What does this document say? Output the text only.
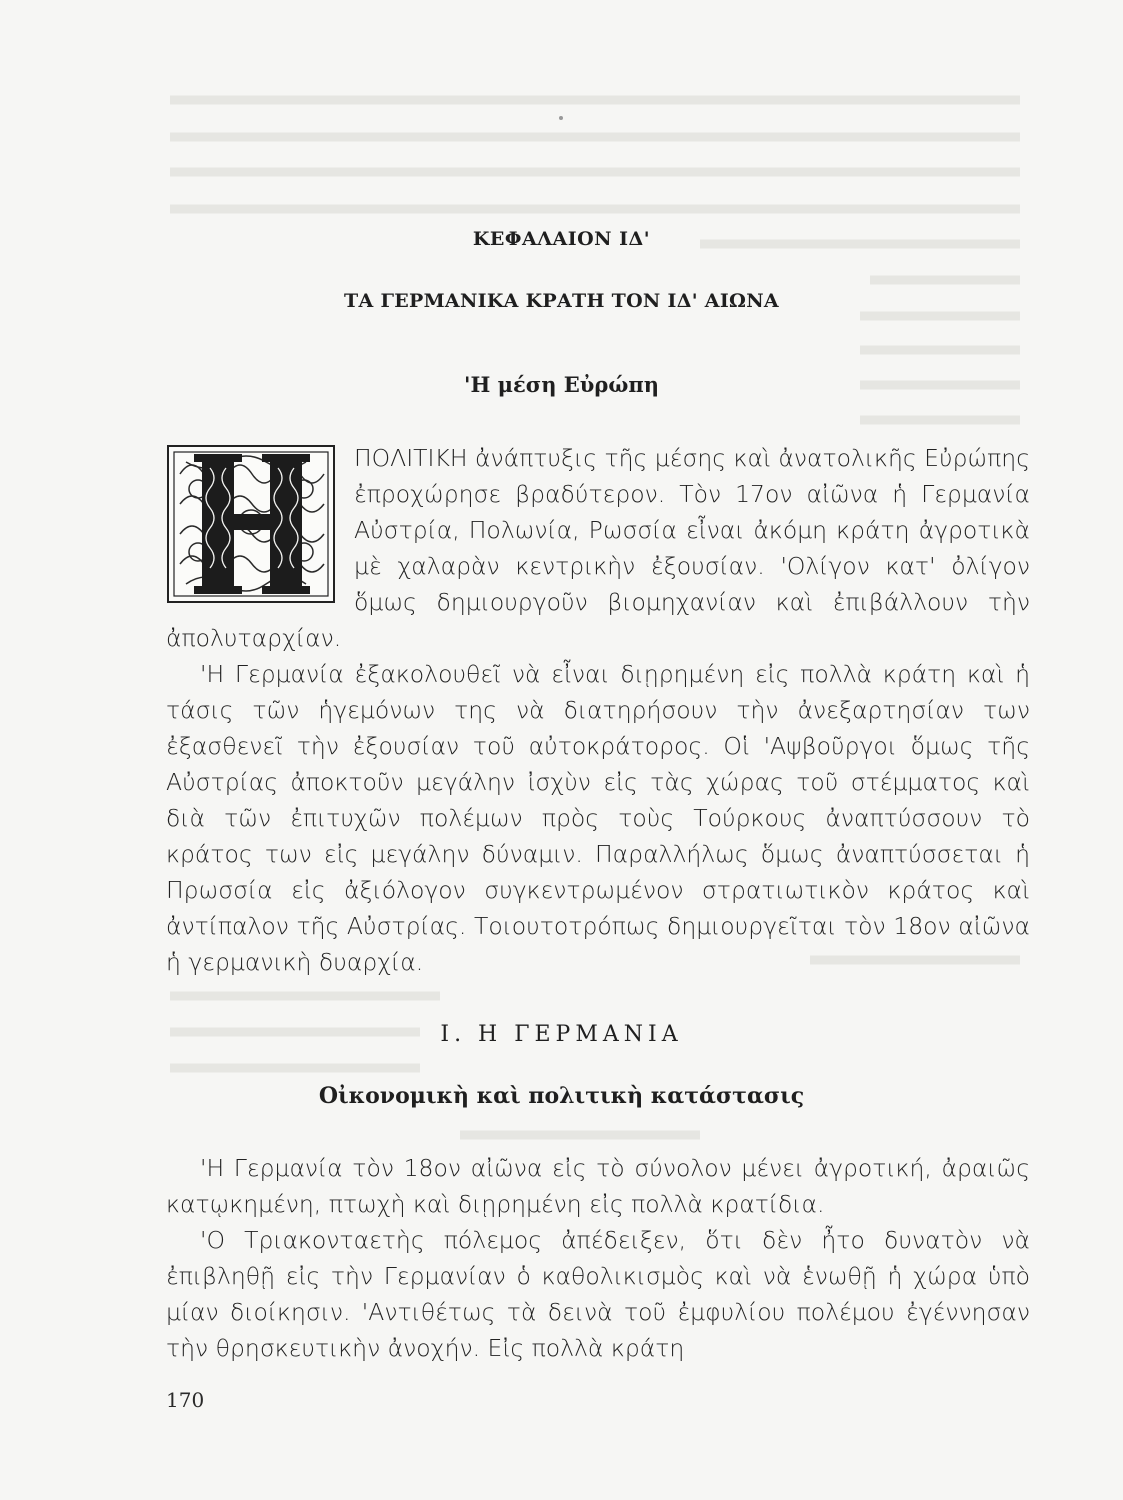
ΚΕΦΑΛΑΙΟΝ ΙΔ'
ΤΑ ΓΕΡΜΑΝΙΚΑ ΚΡΑΤΗ ΤΟΝ ΙΔ' ΑΙΩΝΑ
'Η μέση Εὐρώπη

ΠΟΛΙΤΙΚΗ ἀνάπτυξις τῆς μέσης καὶ ἀνατολικῆς Εὐρώπης ἐπροχώρησε βραδύτερον. Τὸν 17ον αἰῶνα ἡ Γερμανία Αὐστρία, Πολωνία, Ρωσσία εἶναι ἀκόμη κράτη ἀγροτικὰ μὲ χαλαρὰν κεντρικὴν ἐξουσίαν. 'Ολίγον κατ' ὀλίγον ὅμως δημιουργοῦν βιομηχανίαν καὶ ἐπιβάλλουν τὴν ἀπολυταρχίαν.

'Η Γερμανία ἐξακολουθεῖ νὰ εἶναι διῃρημένη εἰς πολλὰ κράτη καὶ ἡ τάσις τῶν ἡγεμόνων της νὰ διατηρήσουν τὴν ἀνεξαρτησίαν των ἐξασθενεῖ τὴν ἐξουσίαν τοῦ αὐτοκράτορος. Οἱ 'Αψβοῦργοι ὅμως τῆς Αὐστρίας ἀποκτοῦν μεγάλην ἰσχὺν εἰς τὰς χώρας τοῦ στέμματος καὶ διὰ τῶν ἐπιτυχῶν πολέμων πρὸς τοὺς Τούρκους ἀναπτύσσουν τὸ κράτος των εἰς μεγάλην δύναμιν. Παραλλήλως ὅμως ἀναπτύσσεται ἡ Πρωσσία εἰς ἀξιόλογον συγκεντρωμένον στρατιωτικὸν κράτος καὶ ἀντίπαλον τῆς Αὐστρίας. Τοιουτοτρόπως δημιουργεῖται τὸν 18ον αἰῶνα ἡ γερμανικὴ δυαρχία.

Ι. Η ΓΕΡΜΑΝΙΑ
Οἰκονομικὴ καὶ πολιτικὴ κατάστασις

'Η Γερμανία τὸν 18ον αἰῶνα εἰς τὸ σύνολον μένει ἀγροτική, ἀραιῶς κατῳκημένη, πτωχὴ καὶ διῃρημένη εἰς πολλὰ κρατίδια.

'Ο Τριακονταετὴς πόλεμος ἀπέδειξεν, ὅτι δὲν ἦτο δυνατὸν νὰ ἐπιβληθῇ εἰς τὴν Γερμανίαν ὁ καθολικισμὸς καὶ νὰ ἑνωθῇ ἡ χώρα ὑπὸ μίαν διοίκησιν. 'Αντιθέτως τὰ δεινὰ τοῦ ἐμφυλίου πολέμου ἐγέννησαν τὴν θρησκευτικὴν ἀνοχήν. Εἰς πολλὰ κράτη

170
